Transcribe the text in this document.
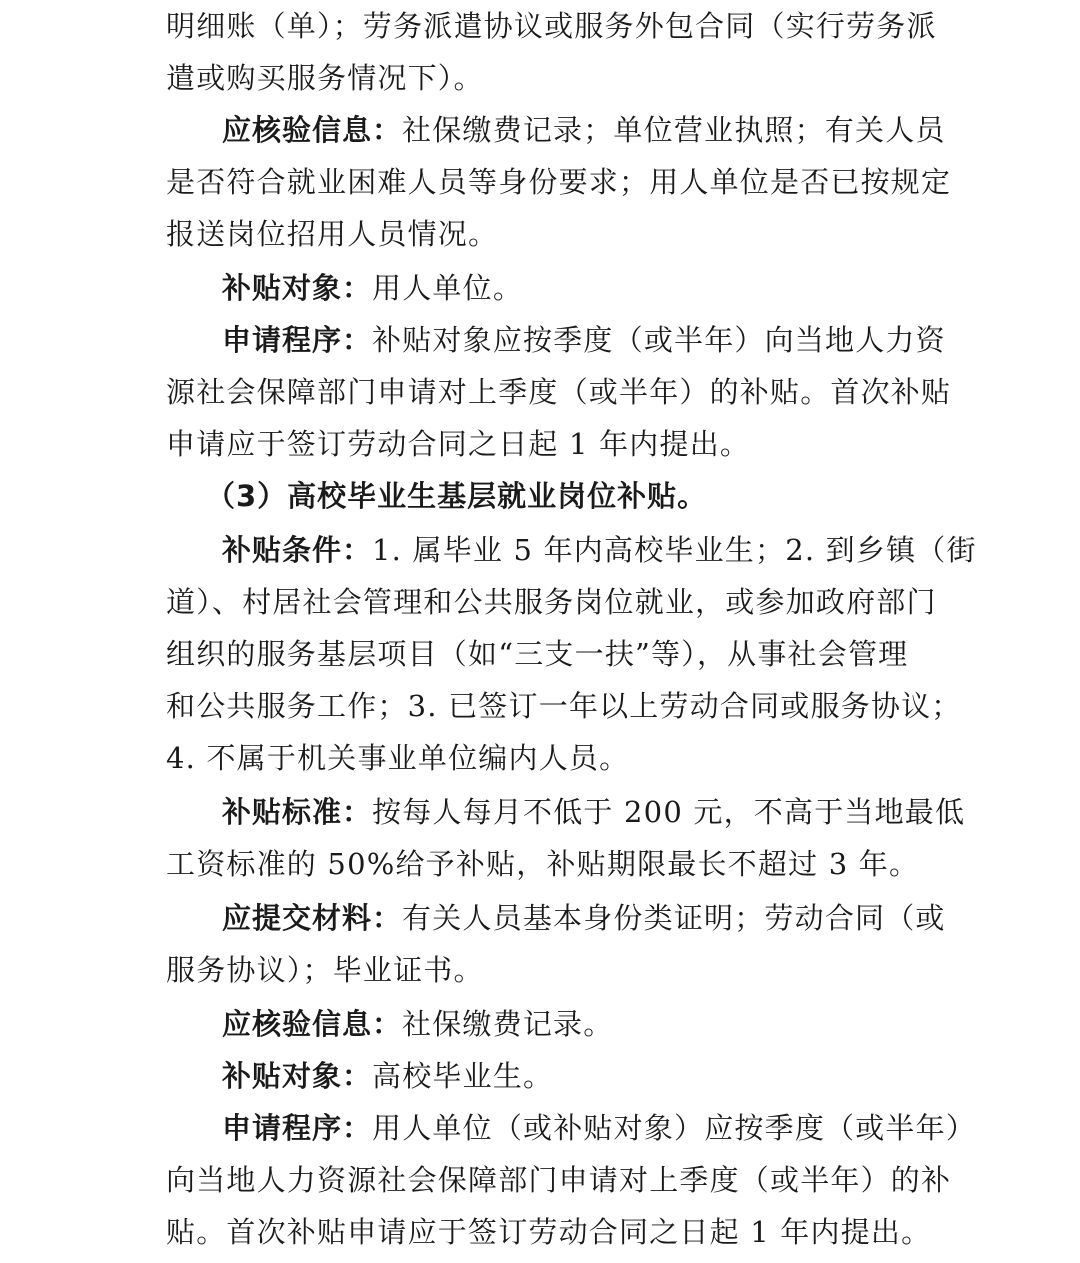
明细账（单）；劳务派遣协议或服务外包合同（实行劳务派
遣或购买服务情况下）。
应核验信息：社保缴费记录；单位营业执照；有关人员
是否符合就业困难人员等身份要求；用人单位是否已按规定
报送岗位招用人员情况。
补贴对象：用人单位。
申请程序：补贴对象应按季度（或半年）向当地人力资
源社会保障部门申请对上季度（或半年）的补贴。首次补贴
申请应于签订劳动合同之日起 1 年内提出。
（3）高校毕业生基层就业岗位补贴。
补贴条件：1. 属毕业 5 年内高校毕业生；2. 到乡镇（街
道）、村居社会管理和公共服务岗位就业，或参加政府部门
组织的服务基层项目（如“三支一扶”等），从事社会管理
和公共服务工作；3. 已签订一年以上劳动合同或服务协议；
4. 不属于机关事业单位编内人员。
补贴标准：按每人每月不低于 200 元，不高于当地最低
工资标准的 50%给予补贴，补贴期限最长不超过 3 年。
应提交材料：有关人员基本身份类证明；劳动合同（或
服务协议）；毕业证书。
应核验信息：社保缴费记录。
补贴对象：高校毕业生。
申请程序：用人单位（或补贴对象）应按季度（或半年）
向当地人力资源社会保障部门申请对上季度（或半年）的补
贴。首次补贴申请应于签订劳动合同之日起 1 年内提出。
